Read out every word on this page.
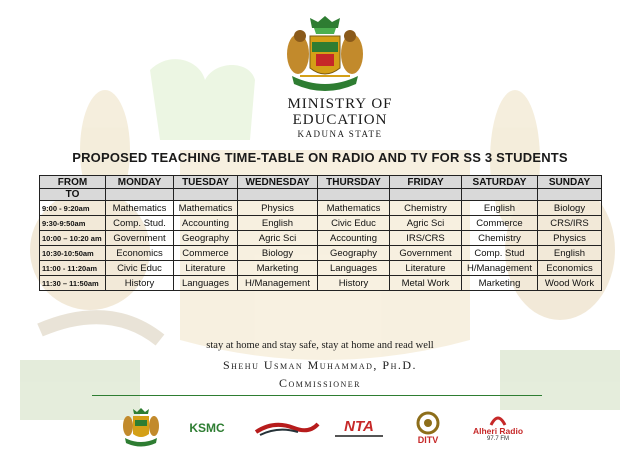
MINISTRY OF EDUCATION
KADUNA STATE
PROPOSED TEACHING TIME-TABLE ON RADIO AND TV FOR SS 3 STUDENTS
FROM	MONDAY	TUESDAY	WEDNESDAY	THURSDAY	FRIDAY	SATURDAY	SUNDAY
TO							
9:00 - 9:20am	Mathematics	Mathematics	Physics	Mathematics	Chemistry	English	Biology
9:30-9:50am	Comp. Stud.	Accounting	English	Civic Educ	Agric Sci	Commerce	CRS/IRS
10:00 – 10:20 am	Government	Geography	Agric Sci	Accounting	IRS/CRS	Chemistry	Physics
10:30-10:50am	Economics	Commerce	Biology	Geography	Government	Comp. Stud	English
11:00 - 11:20am	Civic Educ	Literature	Marketing	Languages	Literature	H/Management	Economics
11:30 – 11:50am	History	Languages	H/Management	History	Metal Work	Marketing	Wood Work
stay at home and stay safe, stay at home and read well
Shehu Usman Muhammad, Ph.D.
Commissioner
KSMC	NTA
DITV
Alheri Radio
97.7 FM
